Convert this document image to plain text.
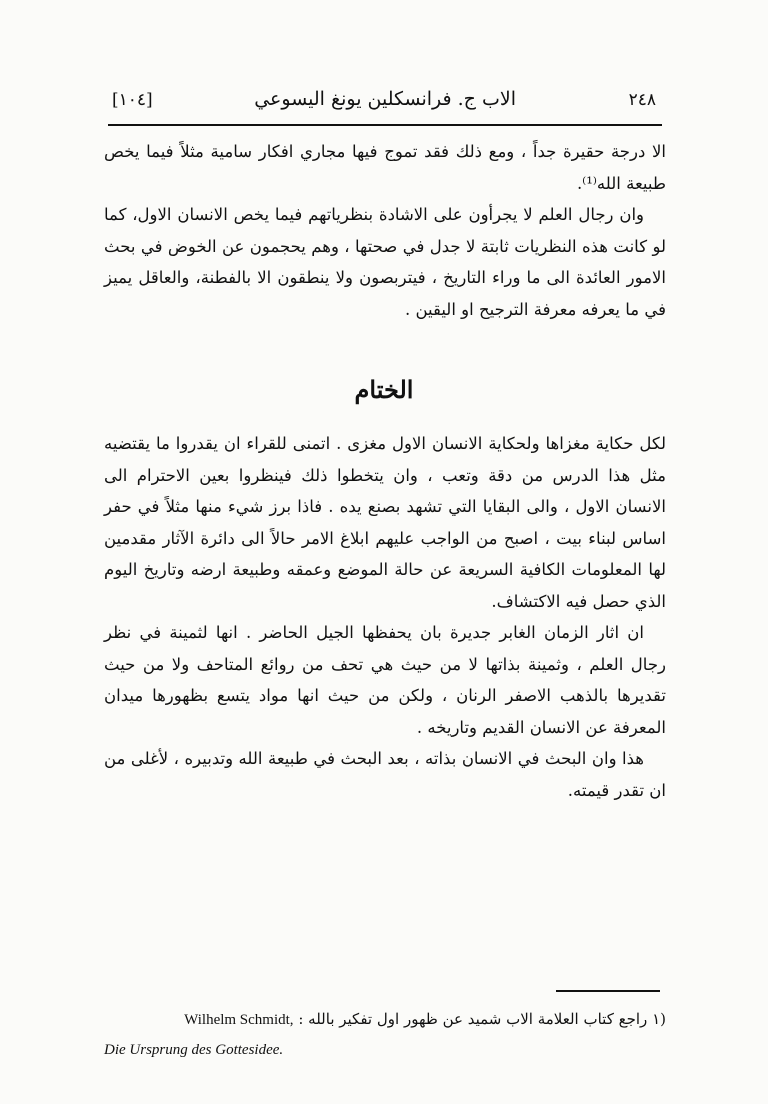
٢٤٨
الاب ج. فرانسكلين يونغ اليسوعي
[١٠٤]

الا درجة حقيرة جداً ، ومع ذلك فقد تموج فيها مجاري افكار سامية مثلاً فيما يخص طبيعة الله⁽¹⁾.

وان رجال العلم لا يجرأون على الاشادة بنظرياتهم فيما يخص الانسان الاول، كما لو كانت هذه النظريات ثابتة لا جدل في صحتها ، وهم يحجمون عن الخوض في بحث الامور العائدة الى ما وراء التاريخ ، فيتربصون ولا ينطقون الا بالفطنة، والعاقل يميز في ما يعرفه معرفة الترجيح او اليقين .

الختام

لكل حكاية مغزاها ولحكاية الانسان الاول مغزى . اتمنى للقراء ان يقدروا ما يقتضيه مثل هذا الدرس من دقة وتعب ، وان يتخطوا ذلك فينظروا بعين الاحترام الى الانسان الاول ، والى البقايا التي تشهد بصنع يده . فاذا برز شيء منها مثلاً في حفر اساس لبناء بيت ، اصبح من الواجب عليهم ابلاغ الامر حالاً الى دائرة الآثار مقدمين لها المعلومات الكافية السريعة عن حالة الموضع وعمقه وطبيعة ارضه وتاريخ اليوم الذي حصل فيه الاكتشاف.

ان اثار الزمان الغابر جديرة بان يحفظها الجيل الحاضر . انها لثمينة في نظر رجال العلم ، وثمينة بذاتها لا من حيث هي تحف من روائع المتاحف ولا من حيث تقديرها بالذهب الاصفر الرنان ، ولكن من حيث انها مواد يتسع بظهورها ميدان المعرفة عن الانسان القديم وتاريخه .

هذا وان البحث في الانسان بذاته ، بعد البحث في طبيعة الله وتدبيره ، لأغلى من ان تقدر قيمته.

(١ راجع كتاب العلامة الاب شميد عن ظهور اول تفكير بالله : Wilhelm Schmidt,
Die Ursprung des Gottesidee.
